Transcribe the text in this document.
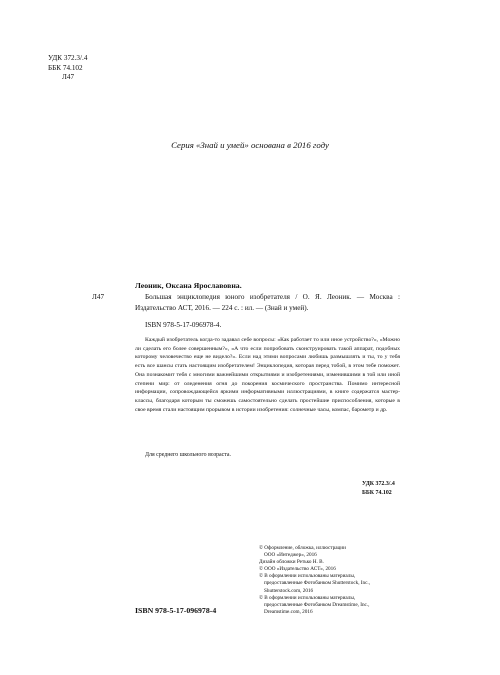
УДК 372.3/.4
ББК 74.102
Л47
Серия «Знай и умей» основана в 2016 году
Леоник, Оксана Ярославовна.
Л47	Большая энциклопедия юного изобретателя / О. Я. Леоник. — Москва : Издательство АСТ, 2016. — 224 с. : ил. — (Знай и умей).
ISBN 978-5-17-096978-4.

Каждый изобретатель когда-то задавал себе вопросы: «Как работает то или иное устройство?», «Можно ли сделать его более совершенным?», «А что если попробовать сконструировать такой аппарат, подобных которому человечество еще не видело?». Если над этими вопросами любишь размышлять и ты, то у тебя есть все шансы стать настоящим изобретателем! Энциклопедия, которая перед тобой, в этом тебе поможет. Она познакомит тебя с многими важнейшими открытиями и изобретениями, изменившими в той или иной степени мир: от оледенения огня до покорения космического пространства. Помимо интересной информации, сопровождающейся яркими информативными иллюстрациями, в книге содержатся мастер-классы, благодаря которым ты сможешь самостоятельно сделать простейшие приспособления, которые в свое время стали настоящим прорывом в истории изобретения: солнечные часы, компас, барометр и др.

Для среднего школьного возраста.
УДК 372.3/.4
ББК 74.102
© Оформление, обложка, иллюстрации
ООО «Интеджер», 2016
Дизайн обложки Ретько Н. В.
© ООО «Издательство АСТ», 2016
© В оформлении использованы материалы,
предоставленные Фотобанком Shutterstock, Inc.,
Shutterstock.com, 2016
© В оформлении использованы материалы,
предоставленные Фотобанком Dreamstime, Inc.,
Dreamstime.com, 2016
ISBN 978-5-17-096978-4
